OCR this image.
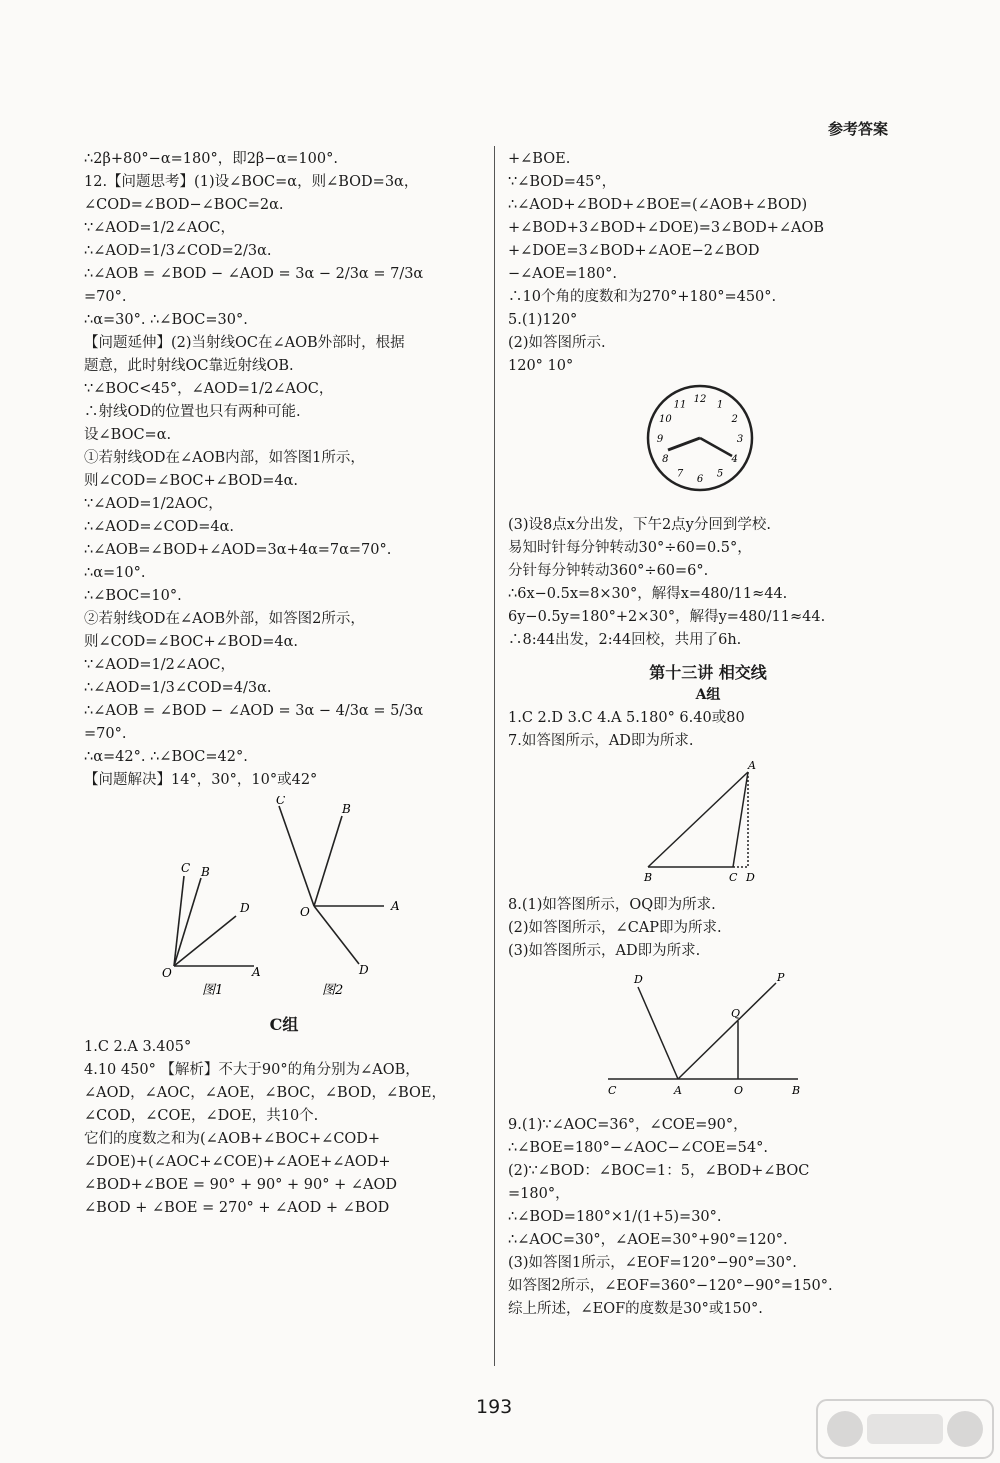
参考答案
∴2β+80°−α=180°，即2β−α=100°.
12.【问题思考】(1)设∠BOC=α，则∠BOD=3α，
∠COD=∠BOD−∠BOC=2α.
∵∠AOD=1/2∠AOC，
∴∠AOD=1/3∠COD=2/3α.
∴∠AOB = ∠BOD − ∠AOD = 3α − 2/3α = 7/3α
=70°.
∴α=30°. ∴∠BOC=30°.
【问题延伸】(2)当射线OC在∠AOB外部时，根据
题意，此时射线OC靠近射线OB.
∵∠BOC<45°，∠AOD=1/2∠AOC，
∴射线OD的位置也只有两种可能.
设∠BOC=α.
①若射线OD在∠AOB内部，如答图1所示，
则∠COD=∠BOC+∠BOD=4α.
∵∠AOD=1/2AOC，
∴∠AOD=∠COD=4α.
∴∠AOB=∠BOD+∠AOD=3α+4α=7α=70°.
∴α=10°.
∴∠BOC=10°.
②若射线OD在∠AOB外部，如答图2所示，
则∠COD=∠BOC+∠BOD=4α.
∵∠AOD=1/2∠AOC，
∴∠AOD=1/3∠COD=4/3α.
∴∠AOB = ∠BOD − ∠AOD = 3α − 4/3α = 5/3α
=70°.
∴α=42°. ∴∠BOC=42°.
【问题解决】14°，30°，10°或42°
C B
D
O	A
图1
C
B
O	A
D
图2
C组
1.C 2.A 3.405°
4.10 450° 【解析】不大于90°的角分别为∠AOB，
∠AOD，∠AOC，∠AOE，∠BOC，∠BOD，∠BOE，
∠COD，∠COE，∠DOE，共10个.
它们的度数之和为(∠AOB+∠BOC+∠COD+
∠DOE)+(∠AOC+∠COE)+∠AOE+∠AOD+
∠BOD+∠BOE = 90° + 90° + 90° + ∠AOD
∠BOD + ∠BOE = 270° + ∠AOD + ∠BOD
+∠BOE.
∵∠BOD=45°，
∴∠AOD+∠BOD+∠BOE=(∠AOB+∠BOD)
+∠BOD+3∠BOD+∠DOE)=3∠BOD+∠AOB
+∠DOE=3∠BOD+∠AOE−2∠BOD
−∠AOE=180°.
∴10个角的度数和为270°+180°=450°.
5.(1)120°
(2)如答图所示.
120° 10°
12 1
2
3
4
5
6
7
8
9
10
11
(3)设8点x分出发，下午2点y分回到学校.
易知时针每分钟转动30°÷60=0.5°，
分针每分钟转动360°÷60=6°.
∴6x−0.5x=8×30°，解得x=480/11≈44.
6y−0.5y=180°+2×30°，解得y=480/11≈44.
∴8:44出发，2:44回校，共用了6h.
第十三讲 相交线
A组
1.C 2.D 3.C 4.A 5.180° 6.40或80
7.如答图所示，AD即为所求.
A
B	C D
8.(1)如答图所示，OQ即为所求.
(2)如答图所示，∠CAP即为所求.
(3)如答图所示，AD即为所求.
D	P
Q
C	A	O	B
9.(1)∵∠AOC=36°，∠COE=90°，
∴∠BOE=180°−∠AOC−∠COE=54°.
(2)∵∠BOD：∠BOC=1：5，∠BOD+∠BOC
=180°，
∴∠BOD=180°×1/(1+5)=30°.
∴∠AOC=30°，∠AOE=30°+90°=120°.
(3)如答图1所示，∠EOF=120°−90°=30°.
如答图2所示，∠EOF=360°−120°−90°=150°.
综上所述，∠EOF的度数是30°或150°.
193
